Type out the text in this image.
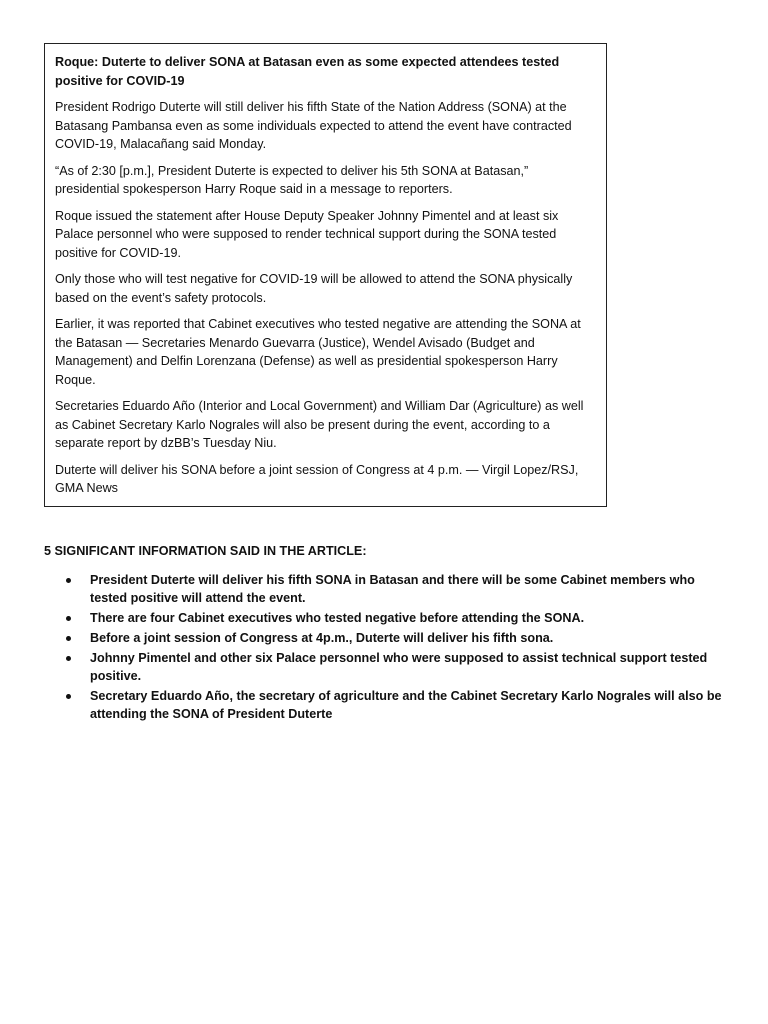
Roque: Duterte to deliver SONA at Batasan even as some expected attendees tested positive for COVID-19

President Rodrigo Duterte will still deliver his fifth State of the Nation Address (SONA) at the Batasang Pambansa even as some individuals expected to attend the event have contracted COVID-19, Malacañang said Monday.

“As of 2:30 [p.m.], President Duterte is expected to deliver his 5th SONA at Batasan,” presidential spokesperson Harry Roque said in a message to reporters.

Roque issued the statement after House Deputy Speaker Johnny Pimentel and at least six Palace personnel who were supposed to render technical support during the SONA tested positive for COVID-19.

Only those who will test negative for COVID-19 will be allowed to attend the SONA physically based on the event’s safety protocols.

Earlier, it was reported that Cabinet executives who tested negative are attending the SONA at the Batasan — Secretaries Menardo Guevarra (Justice), Wendel Avisado (Budget and Management) and Delfin Lorenzana (Defense) as well as presidential spokesperson Harry Roque.

Secretaries Eduardo Año (Interior and Local Government) and William Dar (Agriculture) as well as Cabinet Secretary Karlo Nograles will also be present during the event, according to a separate report by dzBB’s Tuesday Niu.

Duterte will deliver his SONA before a joint session of Congress at 4 p.m. — Virgil Lopez/RSJ, GMA News

5 SIGNIFICANT INFORMATION SAID IN THE ARTICLE:

President Duterte will deliver his fifth SONA in Batasan and there will be some Cabinet members who tested positive will attend the event.
There are four Cabinet executives who tested negative before attending the SONA.
Before a joint session of Congress at 4p.m., Duterte will deliver his fifth sona.
Johnny Pimentel and other six Palace personnel who were supposed to assist technical support tested positive.
Secretary Eduardo Año, the secretary of agriculture and the Cabinet Secretary Karlo Nograles will also be attending the SONA of President Duterte
